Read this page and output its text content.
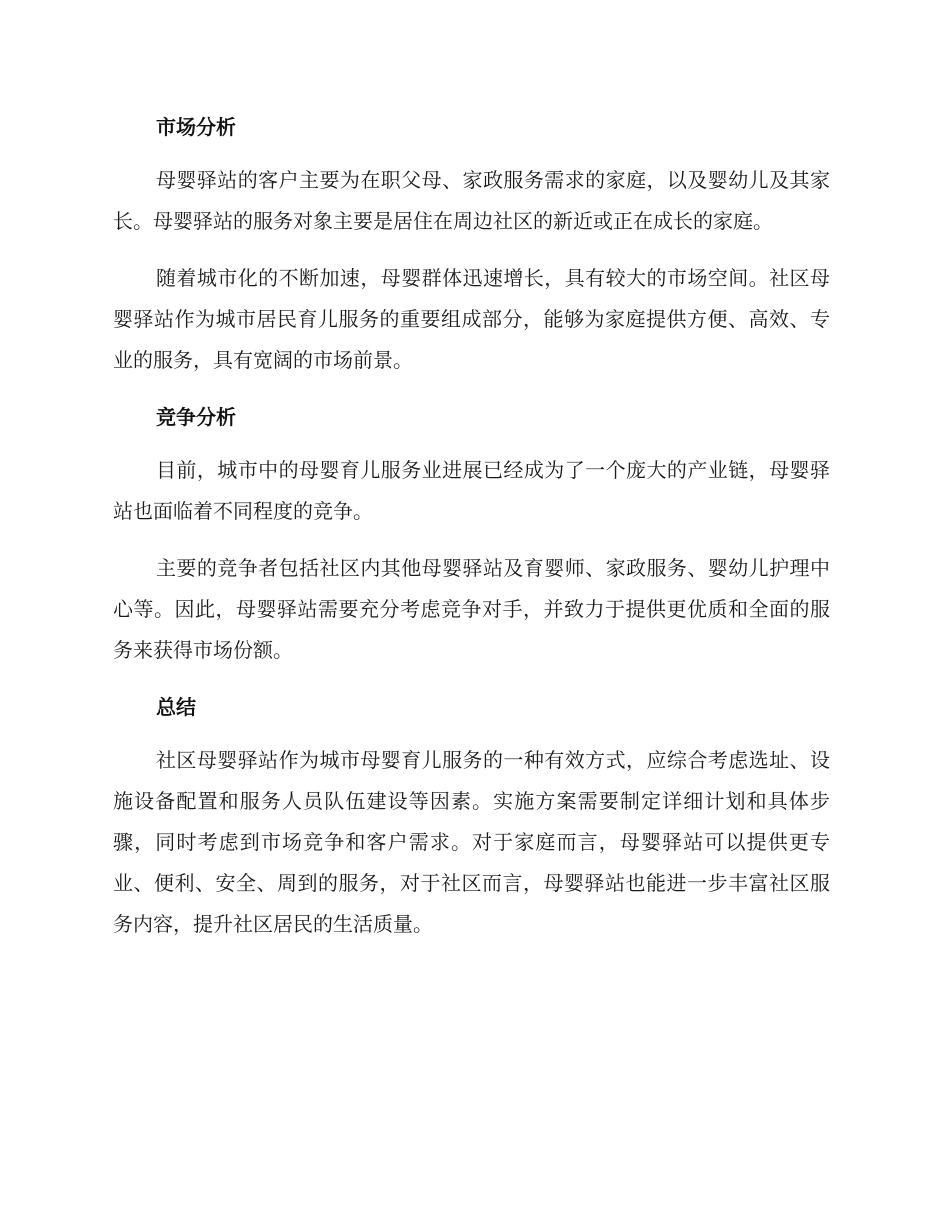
市场分析

母婴驿站的客户主要为在职父母、家政服务需求的家庭，以及婴幼儿及其家长。母婴驿站的服务对象主要是居住在周边社区的新近或正在成长的家庭。

随着城市化的不断加速，母婴群体迅速增长，具有较大的市场空间。社区母婴驿站作为城市居民育儿服务的重要组成部分，能够为家庭提供方便、高效、专业的服务，具有宽阔的市场前景。

竞争分析

目前，城市中的母婴育儿服务业进展已经成为了一个庞大的产业链，母婴驿站也面临着不同程度的竞争。

主要的竞争者包括社区内其他母婴驿站及育婴师、家政服务、婴幼儿护理中心等。因此，母婴驿站需要充分考虑竞争对手，并致力于提供更优质和全面的服务来获得市场份额。

总结

社区母婴驿站作为城市母婴育儿服务的一种有效方式，应综合考虑选址、设施设备配置和服务人员队伍建设等因素。实施方案需要制定详细计划和具体步骤，同时考虑到市场竞争和客户需求。对于家庭而言，母婴驿站可以提供更专业、便利、安全、周到的服务，对于社区而言，母婴驿站也能进一步丰富社区服务内容，提升社区居民的生活质量。
